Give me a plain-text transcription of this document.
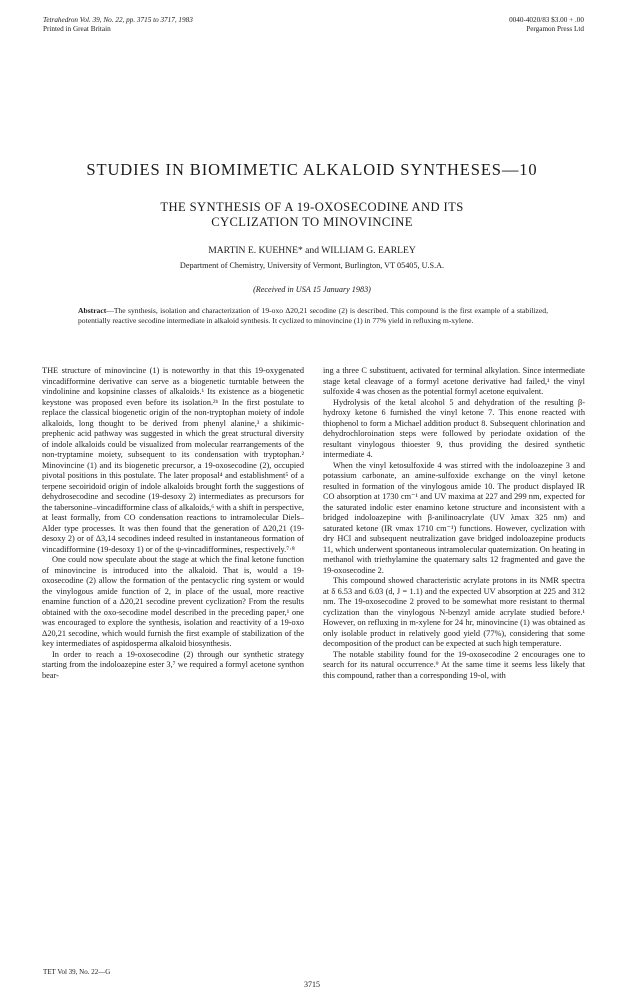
Tetrahedron Vol. 39, No. 22, pp. 3715 to 3717, 1983
Printed in Great Britain
0040-4020/83 $3.00 + .00
Pergamon Press Ltd
STUDIES IN BIOMIMETIC ALKALOID SYNTHESES—10
THE SYNTHESIS OF A 19-OXOSECODINE AND ITS
CYCLIZATION TO MINOVINCINE
MARTIN E. KUEHNE* and WILLIAM G. EARLEY
Department of Chemistry, University of Vermont, Burlington, VT 05405, U.S.A.
(Received in USA 15 January 1983)
Abstract—The synthesis, isolation and characterization of 19-oxo Δ20,21 secodine (2) is described. This compound is the first example of a stabilized, potentially reactive secodine intermediate in alkaloid synthesis. It cyclized to minovincine (1) in 77% yield in refluxing m-xylene.

THE structure of minovincine (1) is noteworthy in that this 19-oxygenated vincadifformine derivative can serve as a biogenetic turntable between the vindolinine and kopsinine classes of alkaloids.¹ Its existence as a biogenetic keystone was proposed even before its isolation.²ᵇ In the first postulate to replace the classical biogenetic origin of the non-tryptophan moiety of indole alkaloids, long thought to be derived from phenyl alanine,³ a shikimic-prephenic acid pathway was suggested in which the great structural diversity of indole alkaloids could be visualized from molecular rearrangements of the non-tryptamine moiety, subsequent to its condensation with tryptophan.² Minovincine (1) and its biogenetic precursor, a 19-oxosecodine (2), occupied pivotal positions in this postulate. The later proposal⁴ and establishment⁵ of a terpene secoiridoid origin of indole alkaloids brought forth the suggestions of dehydrosecodine and secodine (19-desoxy 2) intermediates as precursors for the tabersonine–vincadifformine class of alkaloids,⁶ with a shift in perspective, at least formally, from CO condensation reactions to intramolecular Diels–Alder type processes. It was then found that the generation of Δ20,21 (19-desoxy 2) or of Δ3,14 secodines indeed resulted in instantaneous formation of vincadifformine (19-desoxy 1) or of the ψ-vincadifformines, respectively.⁷·⁸

One could now speculate about the stage at which the final ketone function of minovincine is introduced into the alkaloid. That is, would a 19-oxosecodine (2) allow the formation of the pentacyclic ring system or would the vinylogous amide function of 2, in place of the usual, more reactive enamine function of a Δ20,21 secodine prevent cyclization? From the results obtained with the oxo-secodine model described in the preceding paper,¹ one was encouraged to explore the synthesis, isolation and reactivity of a 19-oxo Δ20,21 secodine, which would furnish the first example of stabilization of the key intermediates of aspidosperma alkaloid biosynthesis.

In order to reach a 19-oxosecodine (2) through our synthetic strategy starting from the indoloazepine ester 3,⁷ we required a formyl acetone synthon bear-

ing a three C substituent, activated for terminal alkylation. Since intermediate stage ketal cleavage of a formyl acetone derivative had failed,¹ the vinyl sulfoxide 4 was chosen as the potential formyl acetone equivalent.

Hydrolysis of the ketal alcohol 5 and dehydration of the resulting β-hydroxy ketone 6 furnished the vinyl ketone 7. This enone reacted with thiophenol to form a Michael addition product 8. Subsequent chlorination and dehydrochloroination steps were followed by periodate oxidation of the resultant vinylogous thioester 9, thus providing the desired synthetic intermediate 4.

When the vinyl ketosulfoxide 4 was stirred with the indoloazepine 3 and potassium carbonate, an amine-sulfoxide exchange on the vinyl ketone resulted in formation of the vinylogous amide 10. The product displayed IR CO absorption at 1730 cm⁻¹ and UV maxima at 227 and 299 nm, expected for the saturated indolic ester enamino ketone structure and inconsistent with a bridged indoloazepine with β-anilinoacrylate (UV λmax 325 nm) and saturated ketone (IR νmax 1710 cm⁻¹) functions. However, cyclization with dry HCl and subsequent neutralization gave bridged indoloazepine products 11, which underwent spontaneous intramolecular quaternization. On heating in methanol with triethylamine the quaternary salts 12 fragmented and gave the 19-oxosecodine 2.

This compound showed characteristic acrylate protons in its NMR spectra at δ 6.53 and 6.03 (d, J = 1.1) and the expected UV absorption at 225 and 312 nm. The 19-oxosecodine 2 proved to be somewhat more resistant to thermal cyclization than the vinylogous N-benzyl amide acrylate studied before.¹ However, on refluxing in m-xylene for 24 hr, minovincine (1) was obtained as only isolable product in relatively good yield (77%), considering that some decomposition of the product can be expected at such high temperature.

The notable stability found for the 19-oxosecodine 2 encourages one to search for its natural occurrence.⁹ At the same time it seems less likely that this compound, rather than a corresponding 19-ol, with

TET Vol 39, No. 22—G
3715
